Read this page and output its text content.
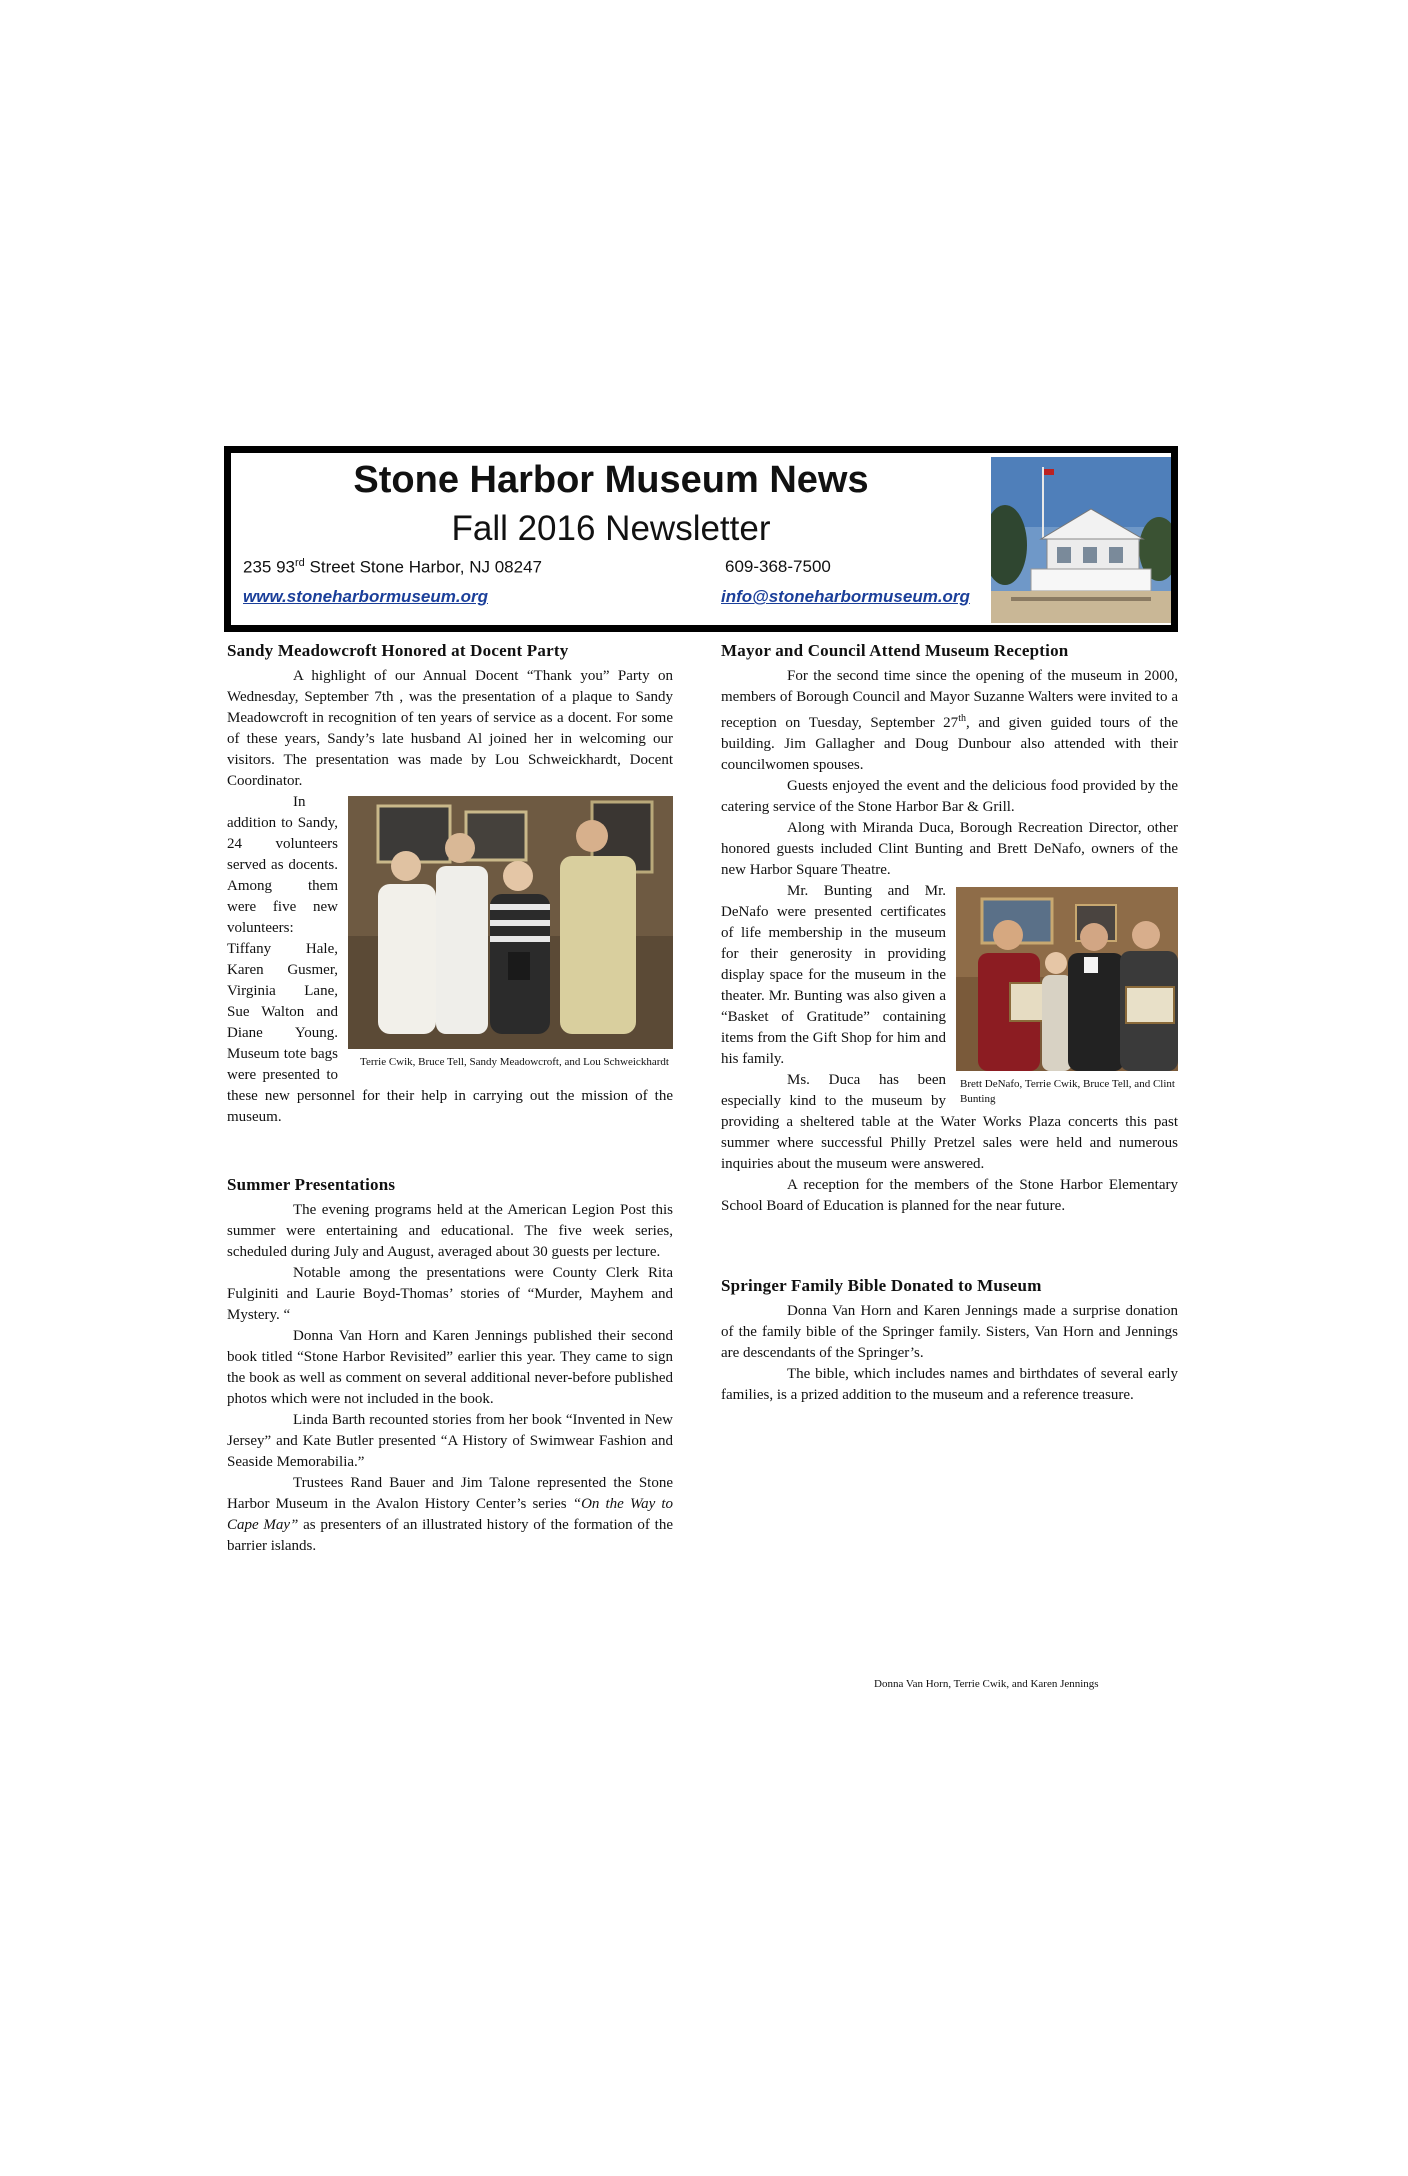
Stone Harbor Museum News
Fall 2016 Newsletter
235 93rd Street Stone Harbor, NJ 08247	609-368-7500
www.stoneharbormuseum.org	info@stoneharbormuseum.org
Sandy Meadowcroft Honored at Docent Party

A highlight of our Annual Docent “Thank you” Party on Wednesday, September 7th , was the presentation of a plaque to Sandy Meadowcroft in recognition of ten years of service as a docent. For some of these years, Sandy’s late husband Al joined her in welcoming our visitors. The presentation was made by Lou Schweickhardt, Docent Coordinator.

Terrie Cwik, Bruce Tell, Sandy Meadowcroft, and Lou Schweickhardt

In addition to Sandy, 24 volunteers served as docents. Among them were five new volunteers: Tiffany Hale, Karen Gusmer, Virginia Lane, Sue Walton and Diane Young. Museum tote bags were presented to these new personnel for their help in carrying out the mission of the museum.

Summer Presentations

The evening programs held at the American Legion Post this summer were entertaining and educational. The five week series, scheduled during July and August, averaged about 30 guests per lecture.

Notable among the presentations were County Clerk Rita Fulginiti and Laurie Boyd-Thomas’ stories of “Murder, Mayhem and Mystery. “

Donna Van Horn and Karen Jennings published their second book titled “Stone Harbor Revisited” earlier this year. They came to sign the book as well as comment on several additional never-before published photos which were not included in the book.

Linda Barth recounted stories from her book “Invented in New Jersey” and Kate Butler presented “A History of Swimwear Fashion and Seaside Memorabilia.”

Trustees Rand Bauer and Jim Talone represented the Stone Harbor Museum in the Avalon History Center’s series “On the Way to Cape May” as presenters of an illustrated history of the formation of the barrier islands.

Mayor and Council Attend Museum Reception

For the second time since the opening of the museum in 2000, members of Borough Council and Mayor Suzanne Walters were invited to a reception on Tuesday, September 27th, and given guided tours of the building. Jim Gallagher and Doug Dunbour also attended with their councilwomen spouses.

Guests enjoyed the event and the delicious food provided by the catering service of the Stone Harbor Bar & Grill.

Along with Miranda Duca, Borough Recreation Director, other honored guests included Clint Bunting and Brett DeNafo, owners of the new Harbor Square Theatre.

Brett DeNafo, Terrie Cwik, Bruce Tell, and Clint Bunting

Mr. Bunting and Mr. DeNafo were presented certificates of life membership in the museum for their generosity in providing display space for the museum in the theater. Mr. Bunting was also given a “Basket of Gratitude” containing items from the Gift Shop for him and his family.

Ms. Duca has been especially kind to the museum by providing a sheltered table at the Water Works Plaza concerts this past summer where successful Philly Pretzel sales were held and numerous inquiries about the museum were answered.

A reception for the members of the Stone Harbor Elementary School Board of Education is planned for the near future.

Springer Family Bible Donated to Museum

Donna Van Horn and Karen Jennings made a surprise donation of the family bible of the Springer family. Sisters, Van Horn and Jennings are descendants of the Springer’s.

The bible, which includes names and birthdates of several early families, is a prized addition to the museum and a reference treasure.

Donna Van Horn, Terrie Cwik, and Karen Jennings
